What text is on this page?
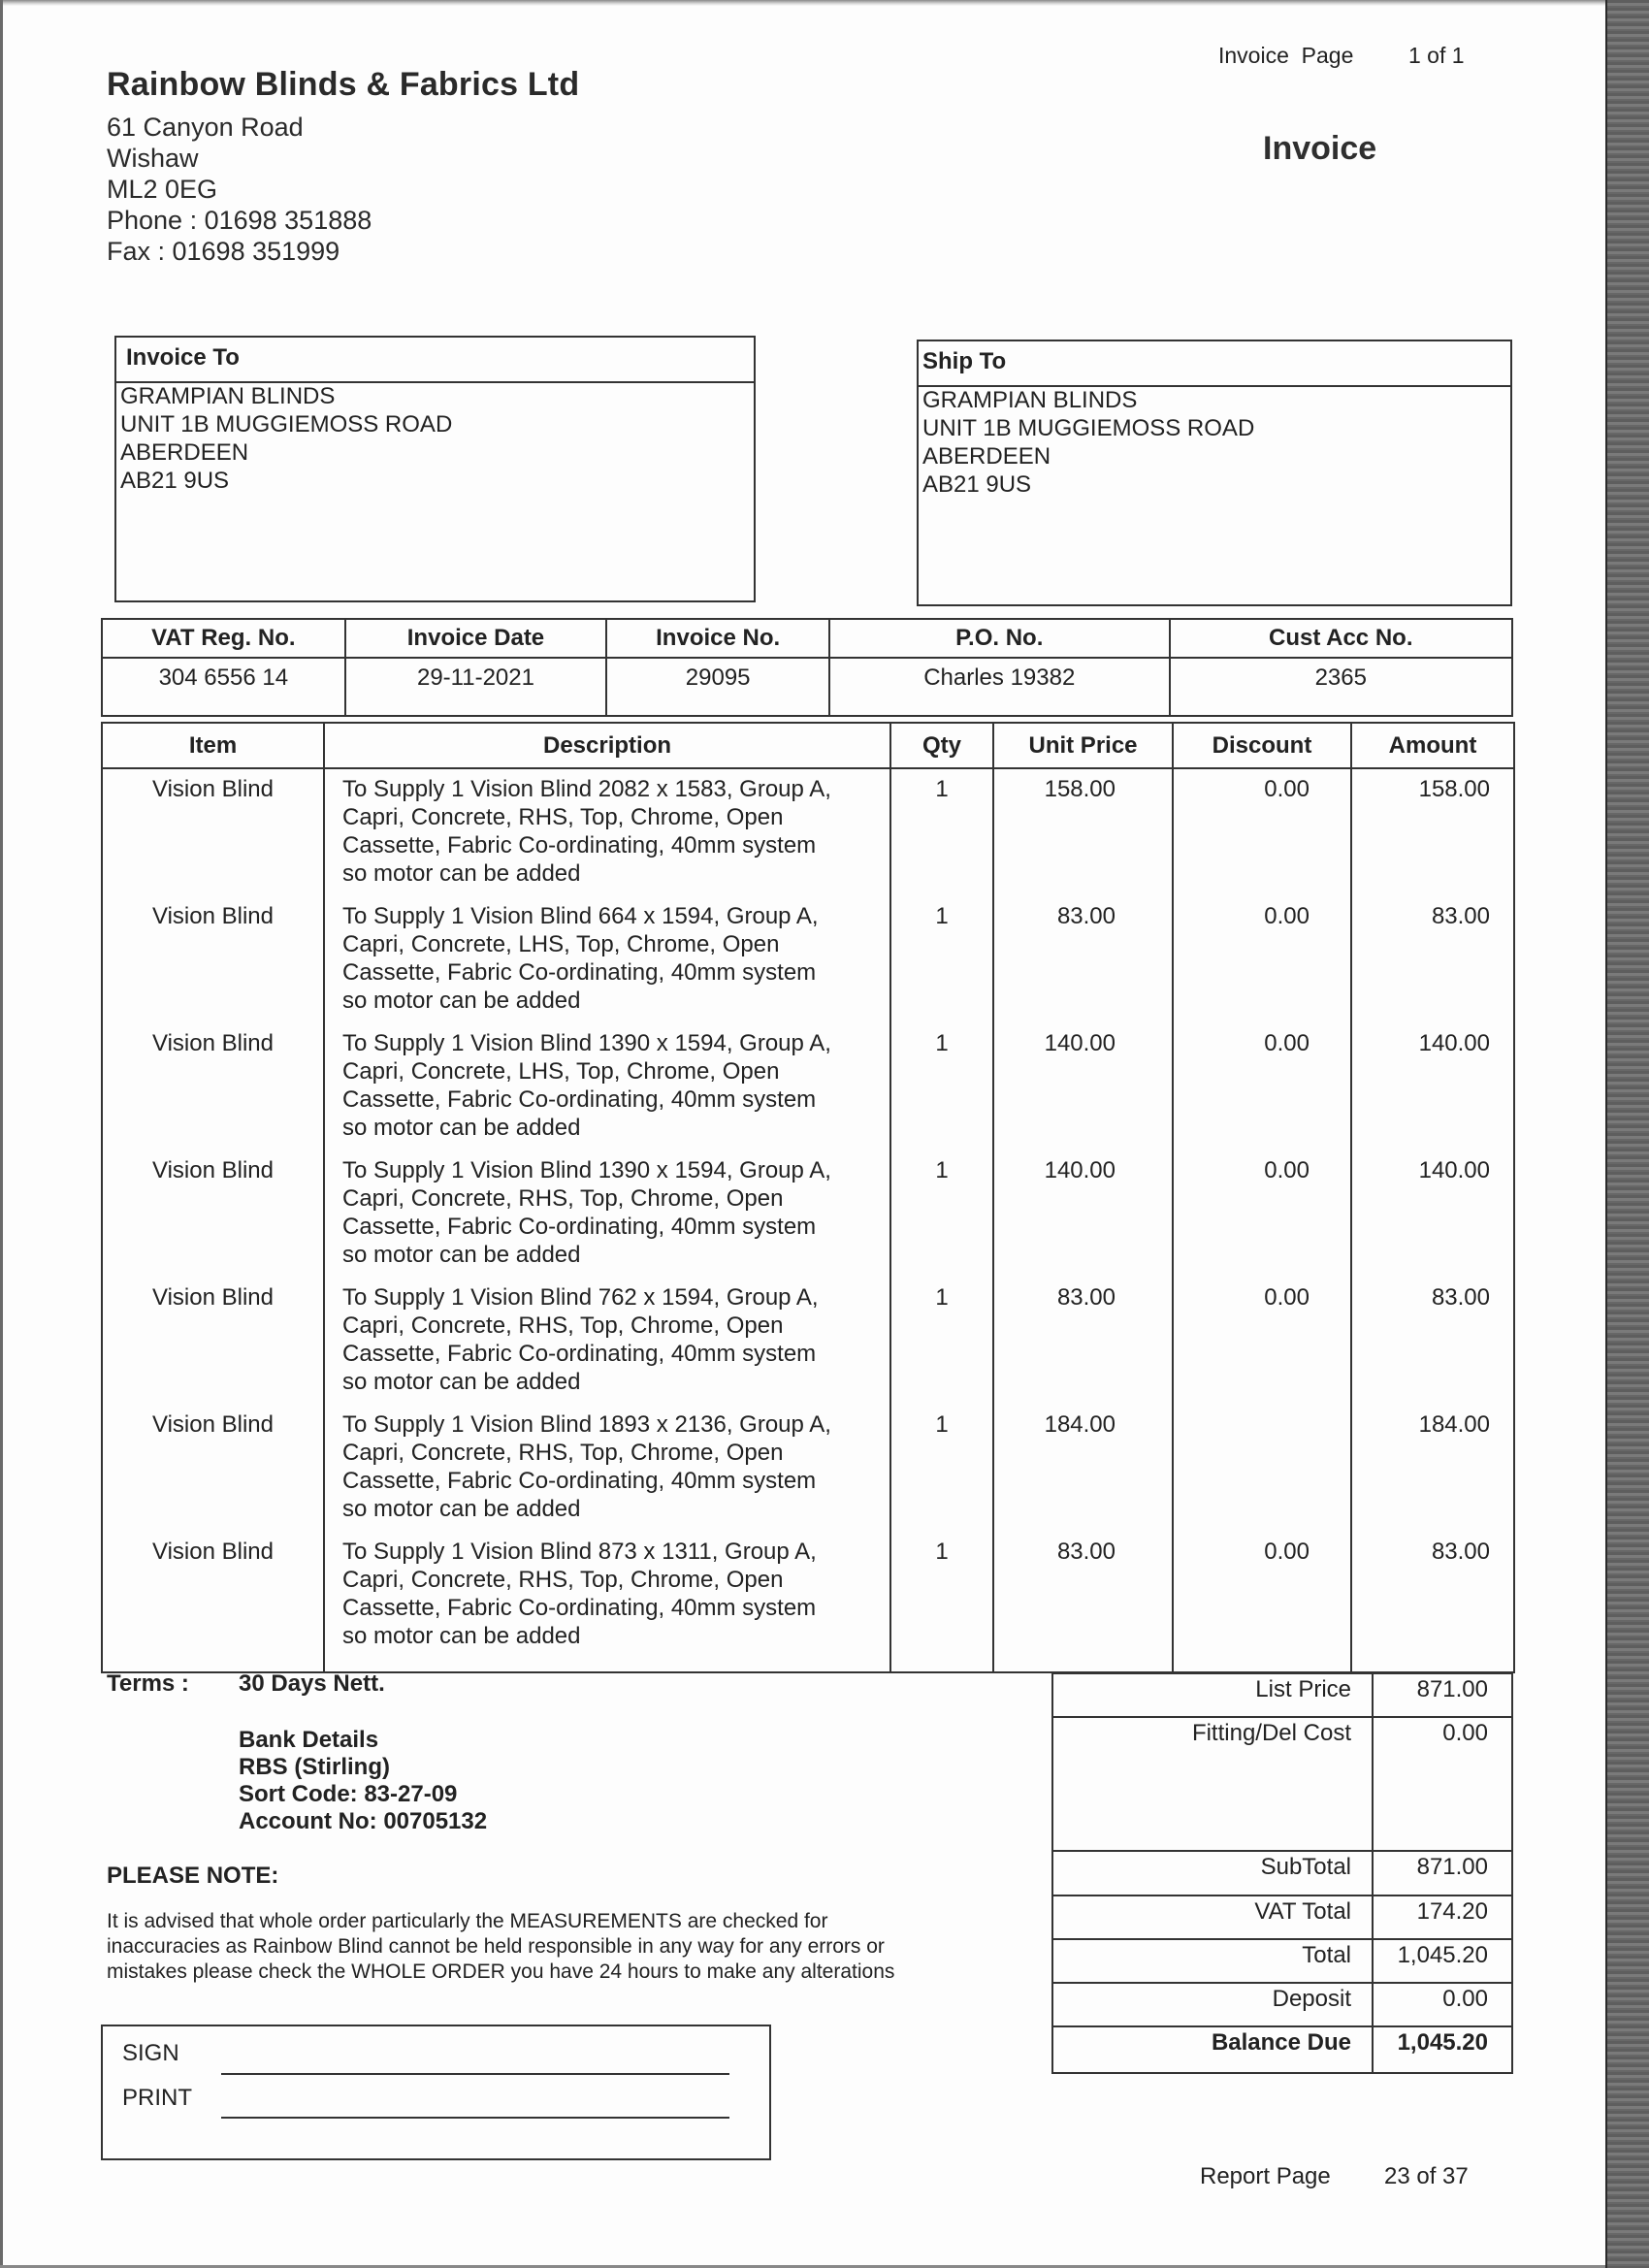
Rainbow Blinds & Fabrics Ltd
61 Canyon Road
Wishaw
ML2 0EG
Phone : 01698 351888
Fax : 01698 351999
Invoice  Page 1 of 1
Invoice
Invoice To
GRAMPIAN BLINDS
UNIT 1B MUGGIEMOSS ROAD
ABERDEEN
AB21 9US
Ship To
GRAMPIAN BLINDS
UNIT 1B MUGGIEMOSS ROAD
ABERDEEN
AB21 9US
VAT Reg. No.	Invoice Date	Invoice No.	P.O. No.	Cust Acc No.
304 6556 14	29-11-2021	29095	Charles 19382	2365
Item	Description	Qty	Unit Price	Discount	Amount
Vision Blind	To Supply 1 Vision Blind 2082 x 1583, Group A,
Capri, Concrete, RHS, Top, Chrome, Open
Cassette, Fabric Co-ordinating, 40mm system
so motor can be added	1	158.00	0.00	158.00
Vision Blind	To Supply 1 Vision Blind 664 x 1594, Group A,
Capri, Concrete, LHS, Top, Chrome, Open
Cassette, Fabric Co-ordinating, 40mm system
so motor can be added	1	83.00	0.00	83.00
Vision Blind	To Supply 1 Vision Blind 1390 x 1594, Group A,
Capri, Concrete, LHS, Top, Chrome, Open
Cassette, Fabric Co-ordinating, 40mm system
so motor can be added	1	140.00	0.00	140.00
Vision Blind	To Supply 1 Vision Blind 1390 x 1594, Group A,
Capri, Concrete, RHS, Top, Chrome, Open
Cassette, Fabric Co-ordinating, 40mm system
so motor can be added	1	140.00	0.00	140.00
Vision Blind	To Supply 1 Vision Blind 762 x 1594, Group A,
Capri, Concrete, RHS, Top, Chrome, Open
Cassette, Fabric Co-ordinating, 40mm system
so motor can be added	1	83.00	0.00	83.00
Vision Blind	To Supply 1 Vision Blind 1893 x 2136, Group A,
Capri, Concrete, RHS, Top, Chrome, Open
Cassette, Fabric Co-ordinating, 40mm system
so motor can be added	1	184.00		184.00
Vision Blind	To Supply 1 Vision Blind 873 x 1311, Group A,
Capri, Concrete, RHS, Top, Chrome, Open
Cassette, Fabric Co-ordinating, 40mm system
so motor can be added	1	83.00	0.00	83.00
Terms : 30 Days Nett.
Bank Details
RBS (Stirling)
Sort Code: 83-27-09
Account No: 00705132
PLEASE NOTE:
It is advised that whole order particularly the MEASUREMENTS are checked for
inaccuracies as Rainbow Blind cannot be held responsible in any way for any errors or
mistakes please check the WHOLE ORDER you have 24 hours to make any alterations
List Price	871.00
Fitting/Del Cost	0.00
SubTotal	871.00
VAT Total	174.20
Total	1,045.20
Deposit	0.00
Balance Due	1,045.20
SIGN
PRINT
Report Page 23 of 37
